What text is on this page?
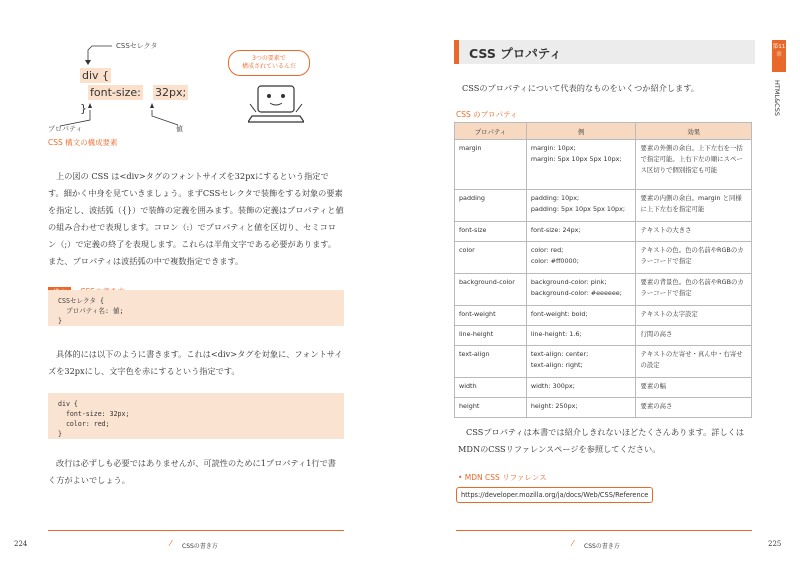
CSSセレクタ
div {
font-size: 32px;
}
プロパティ	値
CSS 構文の構成要素
3つの要素で
構成されているんだ

上の図の CSS は<div>タグのフォントサイズを32pxにするという指定です。細かく中身を見ていきましょう。まずCSSセレクタで装飾をする対象の要素を指定し、波括弧（{}）で装飾の定義を囲みます。装飾の定義はプロパティと値の組み合わせで表現します。コロン（:）でプロパティと値を区切り、セミコロン（;）で定義の終了を表現します。これらは半角文字である必要があります。また、プロパティは波括弧の中で複数指定できます。

CSSセレクタ {
プロパティ名: 値;
}

具体的には以下のように書きます。これは<div>タグを対象に、フォントサイズを32pxにし、文字色を赤にするという指定です。

div {
font-size: 32px;
color: red;
}

改行は必ずしも必要ではありませんが、可読性のために1プロパティ1行で書く方がよいでしょう。

⁄ CSSの書き方
224
CSS プロパティ	第11章
HTML&CSS

CSSのプロパティについて代表的なものをいくつか紹介します。

CSS のプロパティ
プロパティ	例	効果
margin	margin: 10px;
margin: 5px 10px 5px 10px;	要素の外側の余白。上下左右を一括で指定可能。上右下左の順にスペース区切りで個別指定も可能
padding	padding: 10px;
padding: 5px 10px 5px 10px;	要素の内側の余白。margin と同様に上下左右を指定可能
font-size	font-size: 24px;	テキストの大きさ
color	color: red;
color: #ff0000;	テキストの色。色の名前やRGBのカラーコードで指定
background-color	background-color: pink;
background-color: #eeeeee;	要素の背景色。色の名前やRGBのカラーコードで指定
font-weight	font-weight: bold;	テキストの太字設定
line-height	line-height: 1.6;	行間の高さ
text-align	text-align: center;
text-align: right;	テキストの左寄せ・真ん中・右寄せの設定
width	width: 300px;	要素の幅
height	height: 250px;	要素の高さ

CSSプロパティは本書では紹介しきれないほどたくさんあります。詳しくはMDNのCSSリファレンスページを参照してください。

• MDN CSS リファレンス
https://developer.mozilla.org/ja/docs/Web/CSS/Reference
⁄ CSSの書き方	225
